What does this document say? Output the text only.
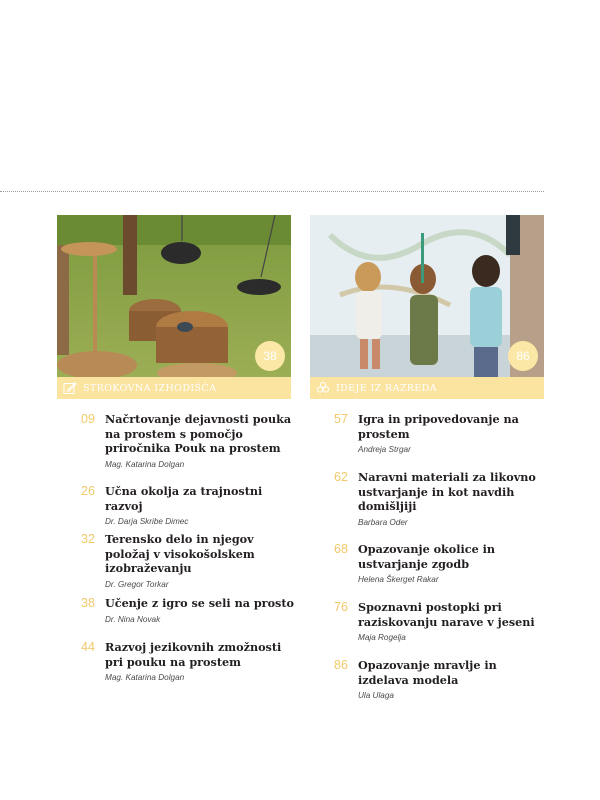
38
STROKOVNA IZHODIŠČA
09 Načrtovanje dejavnosti pouka na prostem s pomočjo priročnika Pouk na prostem
Mag. Katarina Dolgan
26 Učna okolja za trajnostni razvoj
Dr. Darja Skribe Dimec
32 Terensko delo in njegov položaj v visokošolskem izobraževanju
Dr. Gregor Torkar
38 Učenje z igro se seli na prosto
Dr. Nina Novak
44 Razvoj jezikovnih zmožnosti pri pouku na prostem
Mag. Katarina Dolgan
86
IDEJE IZ RAZREDA
57 Igra in pripovedovanje na prostem
Andreja Strgar
62 Naravni materiali za likovno ustvarjanje in kot navdih domišljiji
Barbara Oder
68 Opazovanje okolice in ustvarjanje zgodb
Helena Škerget Rakar
76 Spoznavni postopki pri raziskovanju narave v jeseni
Maja Rogelja
86 Opazovanje mravlje in izdelava modela
Ula Ulaga
